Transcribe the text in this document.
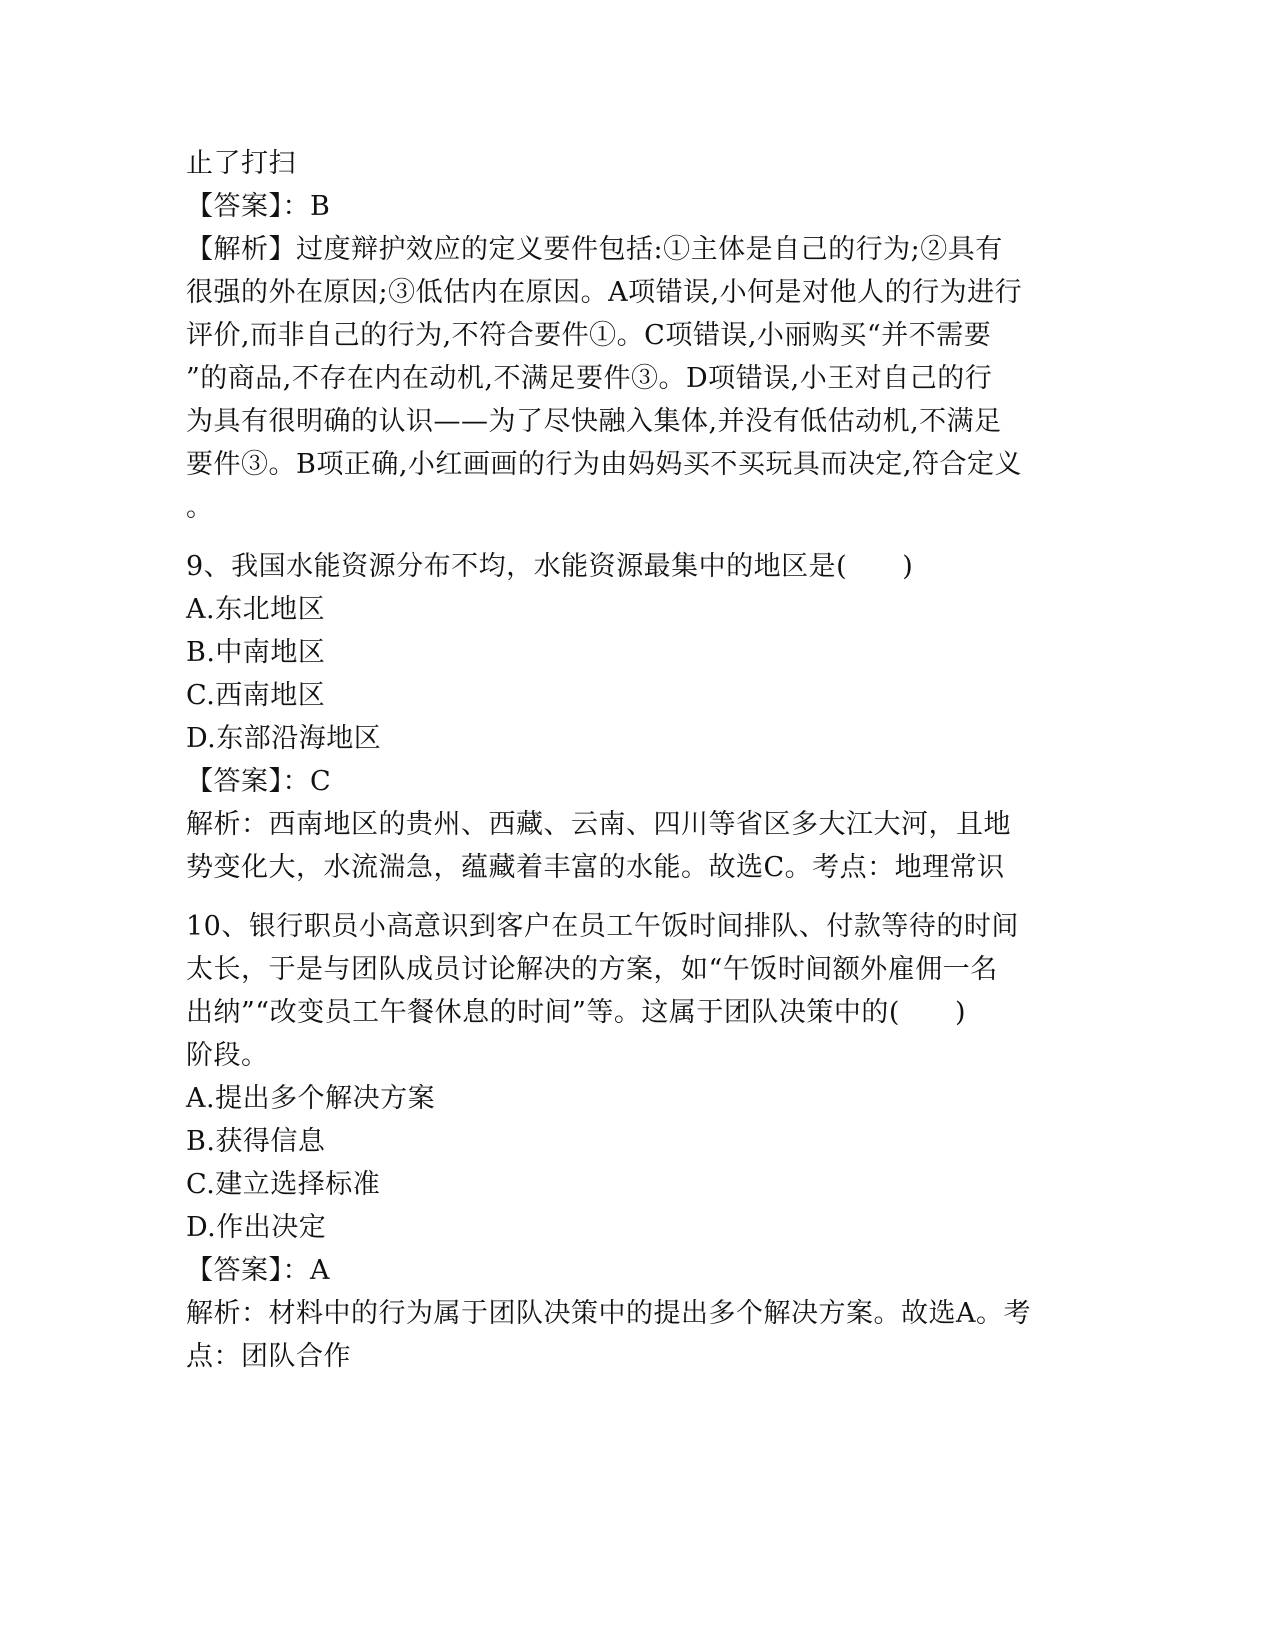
止了打扫
【答案】：B
【解析】过度辩护效应的定义要件包括:①主体是自己的行为;②具有
很强的外在原因;③低估内在原因。A项错误,小何是对他人的行为进行
评价,而非自己的行为,不符合要件①。C项错误,小丽购买“并不需要
”的商品,不存在内在动机,不满足要件③。D项错误,小王对自己的行
为具有很明确的认识——为了尽快融入集体,并没有低估动机,不满足
要件③。B项正确,小红画画的行为由妈妈买不买玩具而决定,符合定义
。
9、我国水能资源分布不均，水能资源最集中的地区是(　　)
A.东北地区
B.中南地区
C.西南地区
D.东部沿海地区
【答案】：C
解析：西南地区的贵州、西藏、云南、四川等省区多大江大河，且地
势变化大，水流湍急，蕴藏着丰富的水能。故选C。考点：地理常识
10、银行职员小高意识到客户在员工午饭时间排队、付款等待的时间
太长，于是与团队成员讨论解决的方案，如“午饭时间额外雇佣一名
出纳”“改变员工午餐休息的时间”等。这属于团队决策中的(　　)
阶段。
A.提出多个解决方案
B.获得信息
C.建立选择标准
D.作出决定
【答案】：A
解析：材料中的行为属于团队决策中的提出多个解决方案。故选A。考
点：团队合作
